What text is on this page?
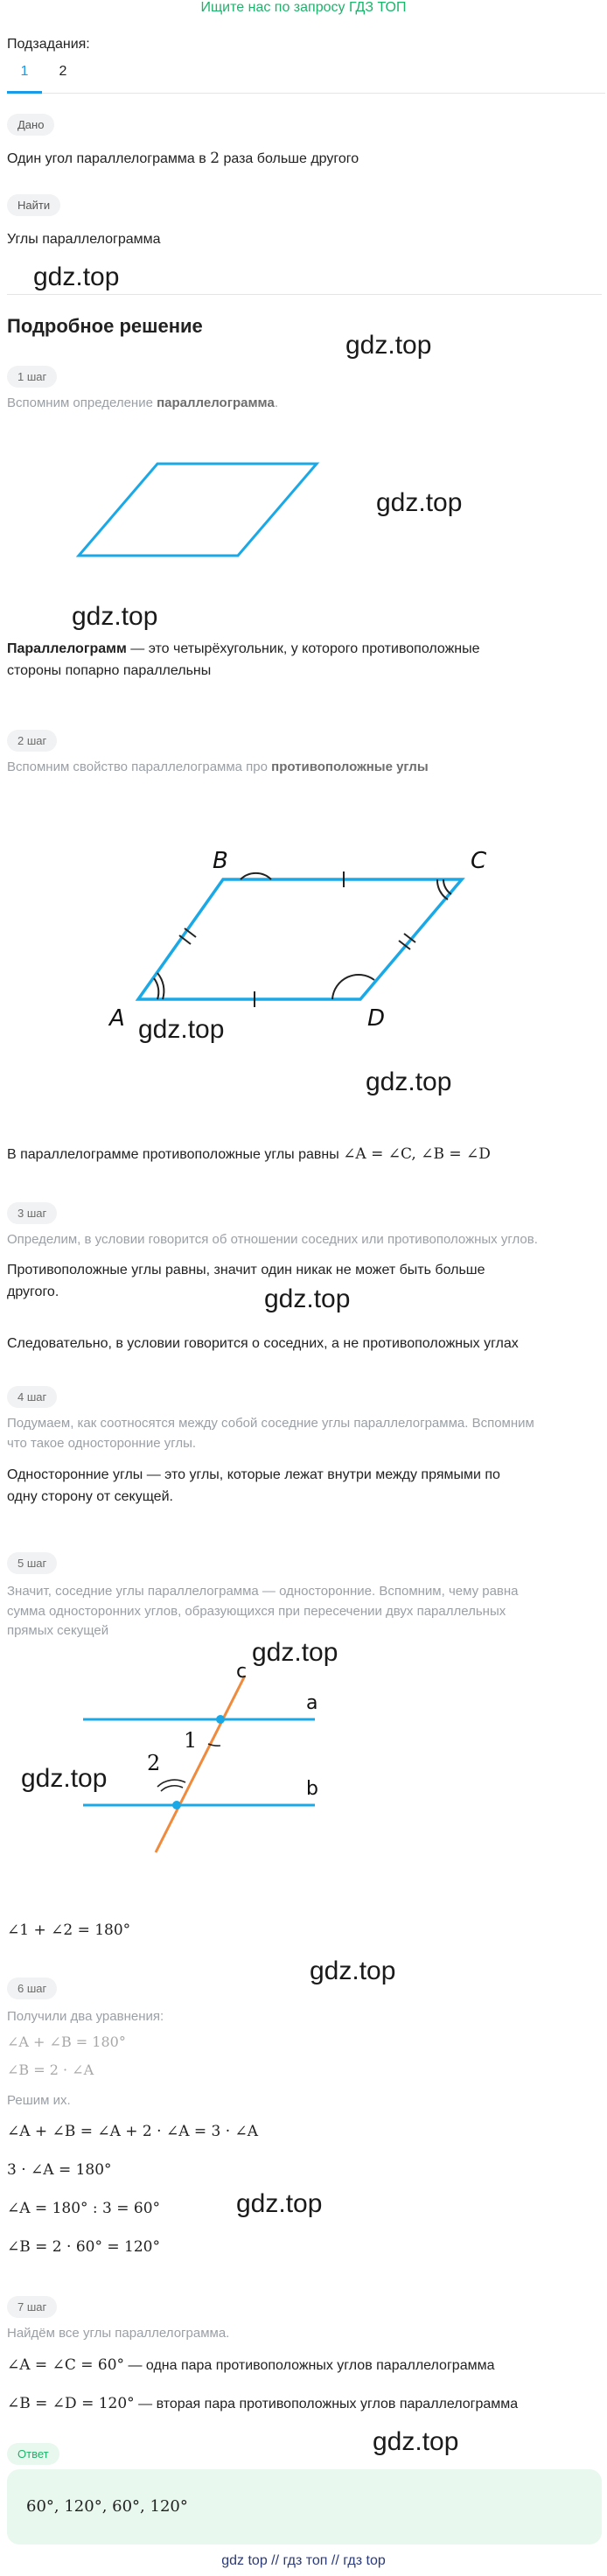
Ищите нас по запросу ГДЗ ТОП
Подзадания:
1	2
Дано
Один угол параллелограмма в 2 раза больше другого
Найти
Углы параллелограмма
gdz.top
Подробное решение
gdz.top
1 шаг
Вспомним определение параллелограмма.
gdz.top
gdz.top
Параллелограмм — это четырёхугольник, у которого противоположные
стороны попарно параллельны
2 шаг
Вспомним свойство параллелограмма про противоположные углы
A
B	C
D
gdz.top
gdz.top
В параллелограмме противоположные углы равны ∠A = ∠C, ∠B = ∠D
3 шаг
Определим, в условии говорится об отношении соседних или противоположных углов.
Противоположные углы равны, значит один никак не может быть больше
другого.	gdz.top
Следовательно, в условии говорится о соседних, а не противоположных углах
4 шаг
Подумаем, как соотносятся между собой соседние углы параллелограмма. Вспомним
что такое односторонние углы.
Односторонние углы — это углы, которые лежат внутри между прямыми по
одну сторону от секущей.
5 шаг
Значит, соседние углы параллелограмма — односторонние. Вспомним, чему равна
сумма односторонних углов, образующихся при пересечении двух параллельных
прямых секущей
gdz.top
c
a
b
1
2
gdz.top
∠1 + ∠2 = 180°
gdz.top
6 шаг
Получили два уравнения:
∠A + ∠B = 180°
∠B = 2 · ∠A
Решим их.
∠A + ∠B = ∠A + 2 · ∠A = 3 · ∠A
3 · ∠A = 180°
∠A = 180° : 3 = 60°	gdz.top
∠B = 2 · 60° = 120°
7 шаг
Найдём все углы параллелограмма.
∠A = ∠C = 60° — одна пара противоположных углов параллелограмма
∠B = ∠D = 120° — вторая пара противоположных углов параллелограмма
gdz.top
Ответ
60°, 120°, 60°, 120°
gdz top // гдз топ // гдз top
